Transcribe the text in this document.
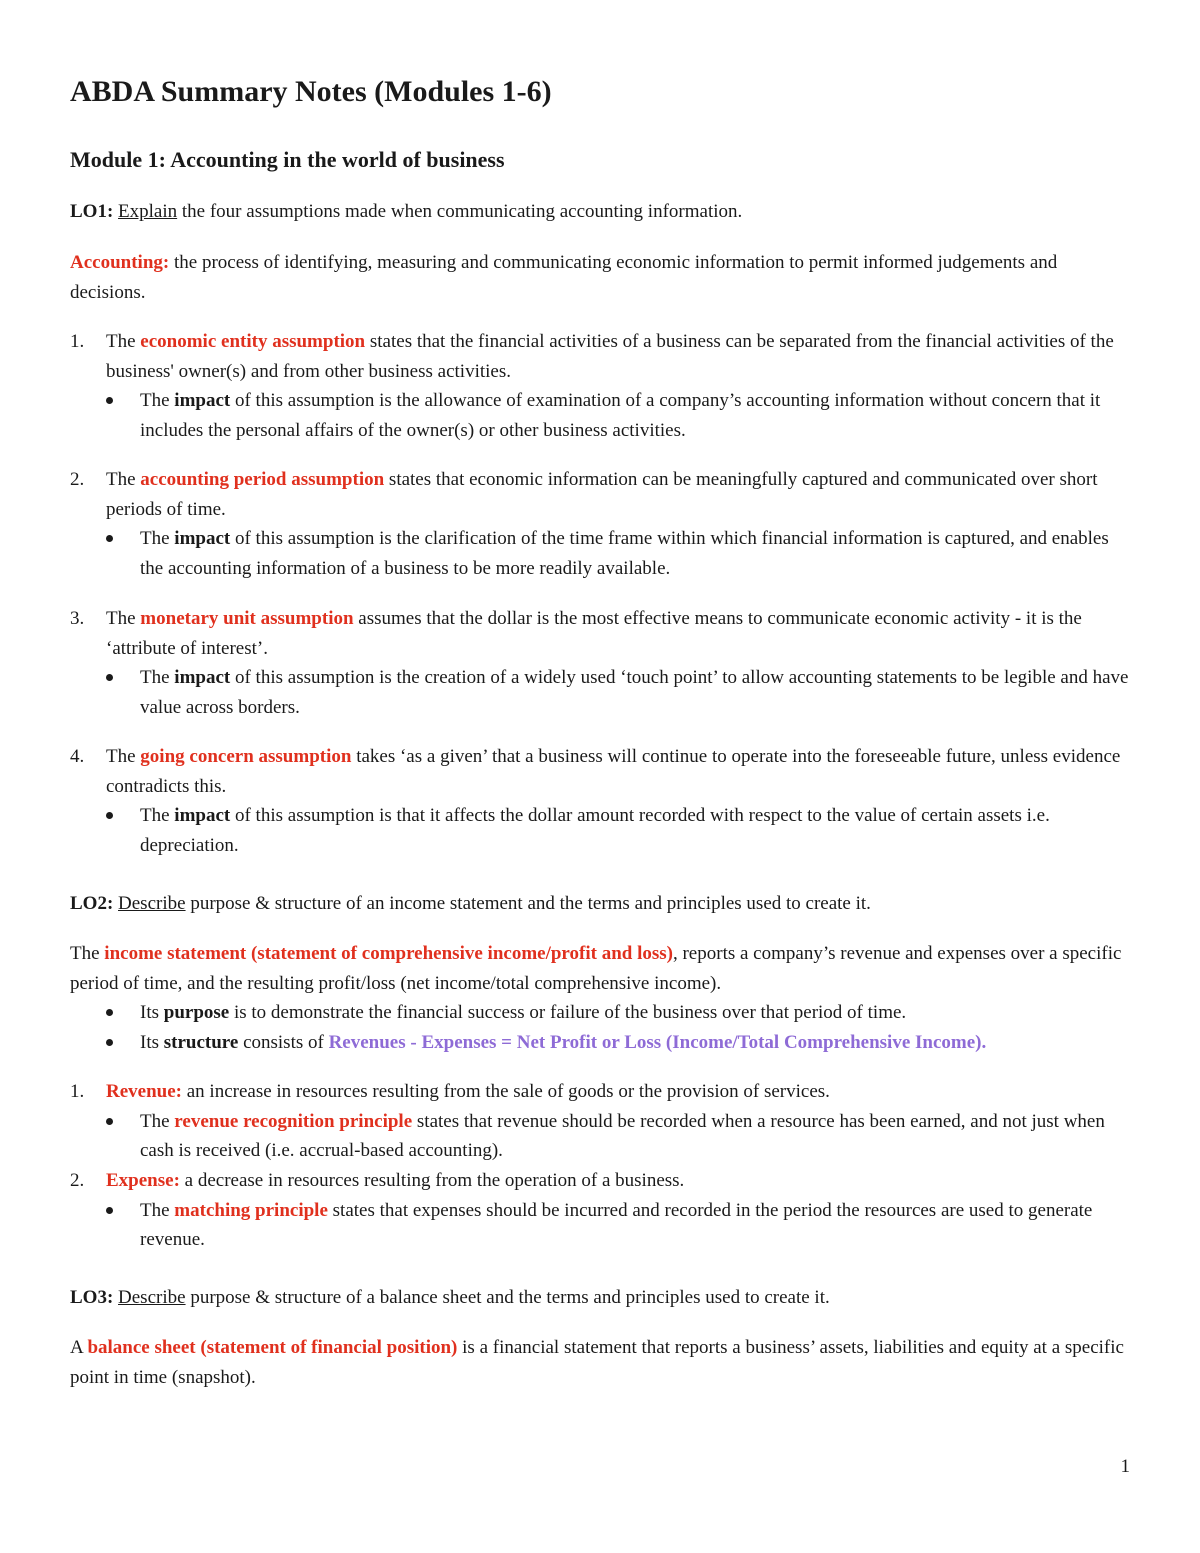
ABDA Summary Notes (Modules 1-6)
Module 1: Accounting in the world of business

LO1: Explain the four assumptions made when communicating accounting information.

Accounting: the process of identifying, measuring and communicating economic information to permit informed judgements and decisions.

1.	The economic entity assumption states that the financial activities of a business can be separated from the financial activities of the business' owner(s) and from other business activities.
The impact of this assumption is the allowance of examination of a company’s accounting information without concern that it includes the personal affairs of the owner(s) or other business activities.
2.	The accounting period assumption states that economic information can be meaningfully captured and communicated over short periods of time.
The impact of this assumption is the clarification of the time frame within which financial information is captured, and enables the accounting information of a business to be more readily available.
3.	The monetary unit assumption assumes that the dollar is the most effective means to communicate economic activity - it is the ‘attribute of interest’.
The impact of this assumption is the creation of a widely used ‘touch point’ to allow accounting statements to be legible and have value across borders.
4.	The going concern assumption takes ‘as a given’ that a business will continue to operate into the foreseeable future, unless evidence contradicts this.
The impact of this assumption is that it affects the dollar amount recorded with respect to the value of certain assets i.e. depreciation.

LO2: Describe purpose & structure of an income statement and the terms and principles used to create it.

The income statement (statement of comprehensive income/profit and loss), reports a company’s revenue and expenses over a specific period of time, and the resulting profit/loss (net income/total comprehensive income).

Its purpose is to demonstrate the financial success or failure of the business over that period of time.
Its structure consists of Revenues - Expenses = Net Profit or Loss (Income/Total Comprehensive Income).
1.	Revenue: an increase in resources resulting from the sale of goods or the provision of services.
The revenue recognition principle states that revenue should be recorded when a resource has been earned, and not just when cash is received (i.e. accrual-based accounting).
2.	Expense: a decrease in resources resulting from the operation of a business.
The matching principle states that expenses should be incurred and recorded in the period the resources are used to generate revenue.

LO3: Describe purpose & structure of a balance sheet and the terms and principles used to create it.

A balance sheet (statement of financial position) is a financial statement that reports a business’ assets, liabilities and equity at a specific point in time (snapshot).

1
